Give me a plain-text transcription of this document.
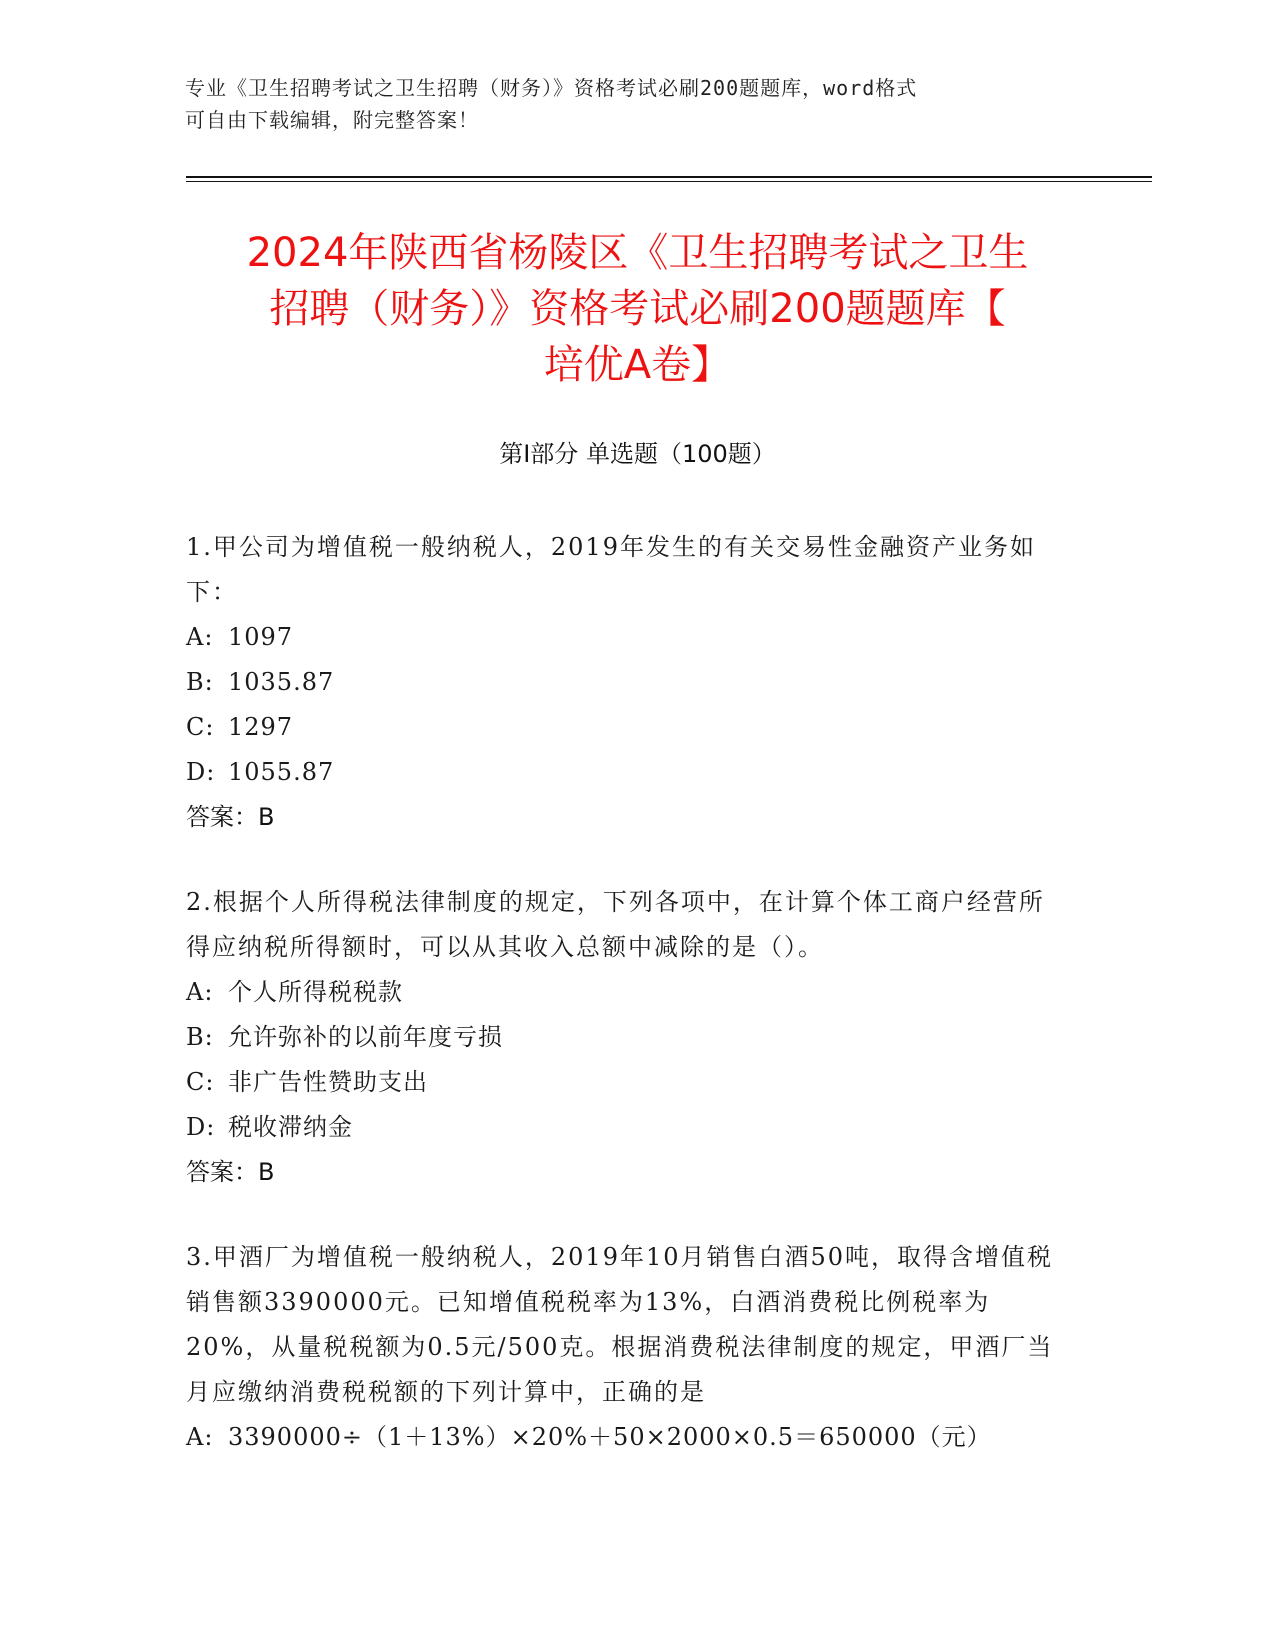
专业《卫生招聘考试之卫生招聘（财务）》资格考试必刷200题题库，word格式
可自由下载编辑，附完整答案！
2024年陕西省杨陵区《卫生招聘考试之卫生
招聘（财务）》资格考试必刷200题题库【
培优A卷】
第Ⅰ部分 单选题（100题）
1.甲公司为增值税一般纳税人，2019年发生的有关交易性金融资产业务如下：
A: 1097
B: 1035.87
C: 1297
D: 1055.87
答案：B
2.根据个人所得税法律制度的规定，下列各项中，在计算个体工商户经营所得应纳税所得额时，可以从其收入总额中减除的是（）。
A: 个人所得税税款
B: 允许弥补的以前年度亏损
C: 非广告性赞助支出
D: 税收滞纳金
答案：B
3.甲酒厂为增值税一般纳税人，2019年10月销售白酒50吨，取得含增值税销售额3390000元。已知增值税税率为13%，白酒消费税比例税率为20%，从量税税额为0.5元/500克。根据消费税法律制度的规定，甲酒厂当月应缴纳消费税税额的下列计算中，正确的是
A: 3390000÷（1＋13%）×20%＋50×2000×0.5＝650000（元）
